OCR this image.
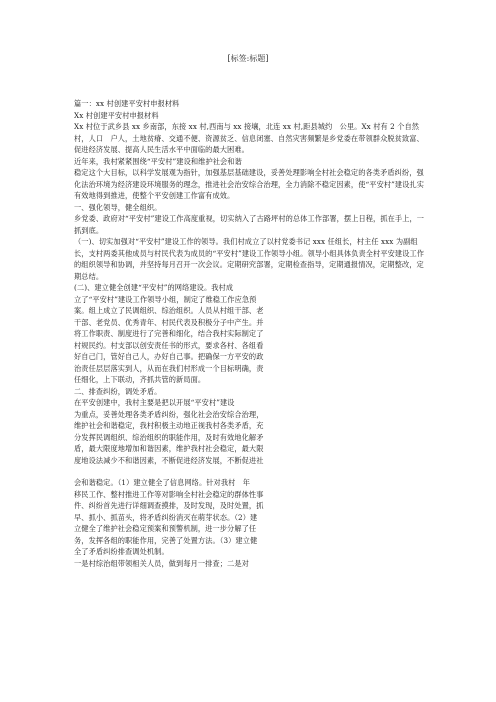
[标签:标题]
篇一：xx 村创建平安村申报材料
Xx 村创建平安村申报材料
Xx 村位于武乡县 xx 乡南部，东接 xx 村,西南与 xx 接壤，北连 xx 村,距县城约　公里。Xx 村有 2 个自然村，人口　户人，土地贫瘠、交通不便、资源贫乏、信息闭塞、自然灾害频繁是乡党委在带领群众脱贫致富、促进经济发展、提高人民生活水平中面临的最大困难。
近年来，我村紧紧围绕“平安村”建设和维护社会和谐
稳定这个大目标，以科学发展观为指针，加强基层基础建设，妥善处理影响全村社会稳定的各类矛盾纠纷，强化法治环境为经济建设环境服务的理念，推进社会治安综合治理，全力消除不稳定因素，使“平安村”建设扎实有效地得到推进，使整个平安创建工作富有成效。
一、强化领导，健全组织。
乡党委、政府对“平安村”建设工作高度重视，切实纳入了古路坪村的总体工作部署，摆上日程，抓在手上，一抓到底。
（一)、切实加强对“平安村”建设工作的领导。我们村成立了以村党委书记 xxx 任组长，村主任 xxx 为副组长，支村两委其他成员与村民代表为成员的“平安村”建设工作领导小组。领导小组具体负责全村平安建设工作的组织领导和协调，并坚持每月召开一次会议。定期研究部署，定期检查指导，定期通报情况，定期整改，定期总结。
(二)、建立健全创建“平安村”的网络建设。我村成
立了“平安村”建设工作领导小组，制定了维稳工作应急预
案。组上成立了民调组织、综治组织。人员从村组干部、老
干部、老党员、优秀青年、村民代表及积极分子中产生。并
将工作职责、制度进行了完善和细化，结合我村实际制定了
村规民约。村支部以创安责任书的形式，要求各村、各组看
好自己门，管好自己人，办好自己事。把确保一方平安的政
治责任层层落实到人，从而在我们村形成一个目标明确，责
任细化，上下联动，齐抓共管的新局面。
二、排查纠纷，调处矛盾。
在平安创建中，我村主要是把以开展“平安村”建设
为重点，妥善处理各类矛盾纠纷，强化社会治安综合治理，
维护社会和谐稳定，我村积极主动地正视我村各类矛盾，充
分发挥民调组织、综治组织的职能作用，及时有效地化解矛
盾，最大限度地增加和谐因素，维护我村社会稳定，最大限
度地设法减少不和谐因素，不断促进经济发展，不断促进社
会和谐稳定。（1）建立健全了信息网络。针对我村　年
移民工作、整村推进工作等对影响全村社会稳定的群体性事
件、纠纷首先进行详细调查摸排，及时发现，及时处置，抓
早、抓小、抓苗头，将矛盾纠纷消灭在萌芽状态。（2）建
立健全了维护社会稳定预案和预警机制，进一步分解了任
务，发挥各组的职能作用，完善了处置方法。（3）建立健
全了矛盾纠纷排查调处机制。
一是村综治组带领相关人员，做到每月一排查；二是对
